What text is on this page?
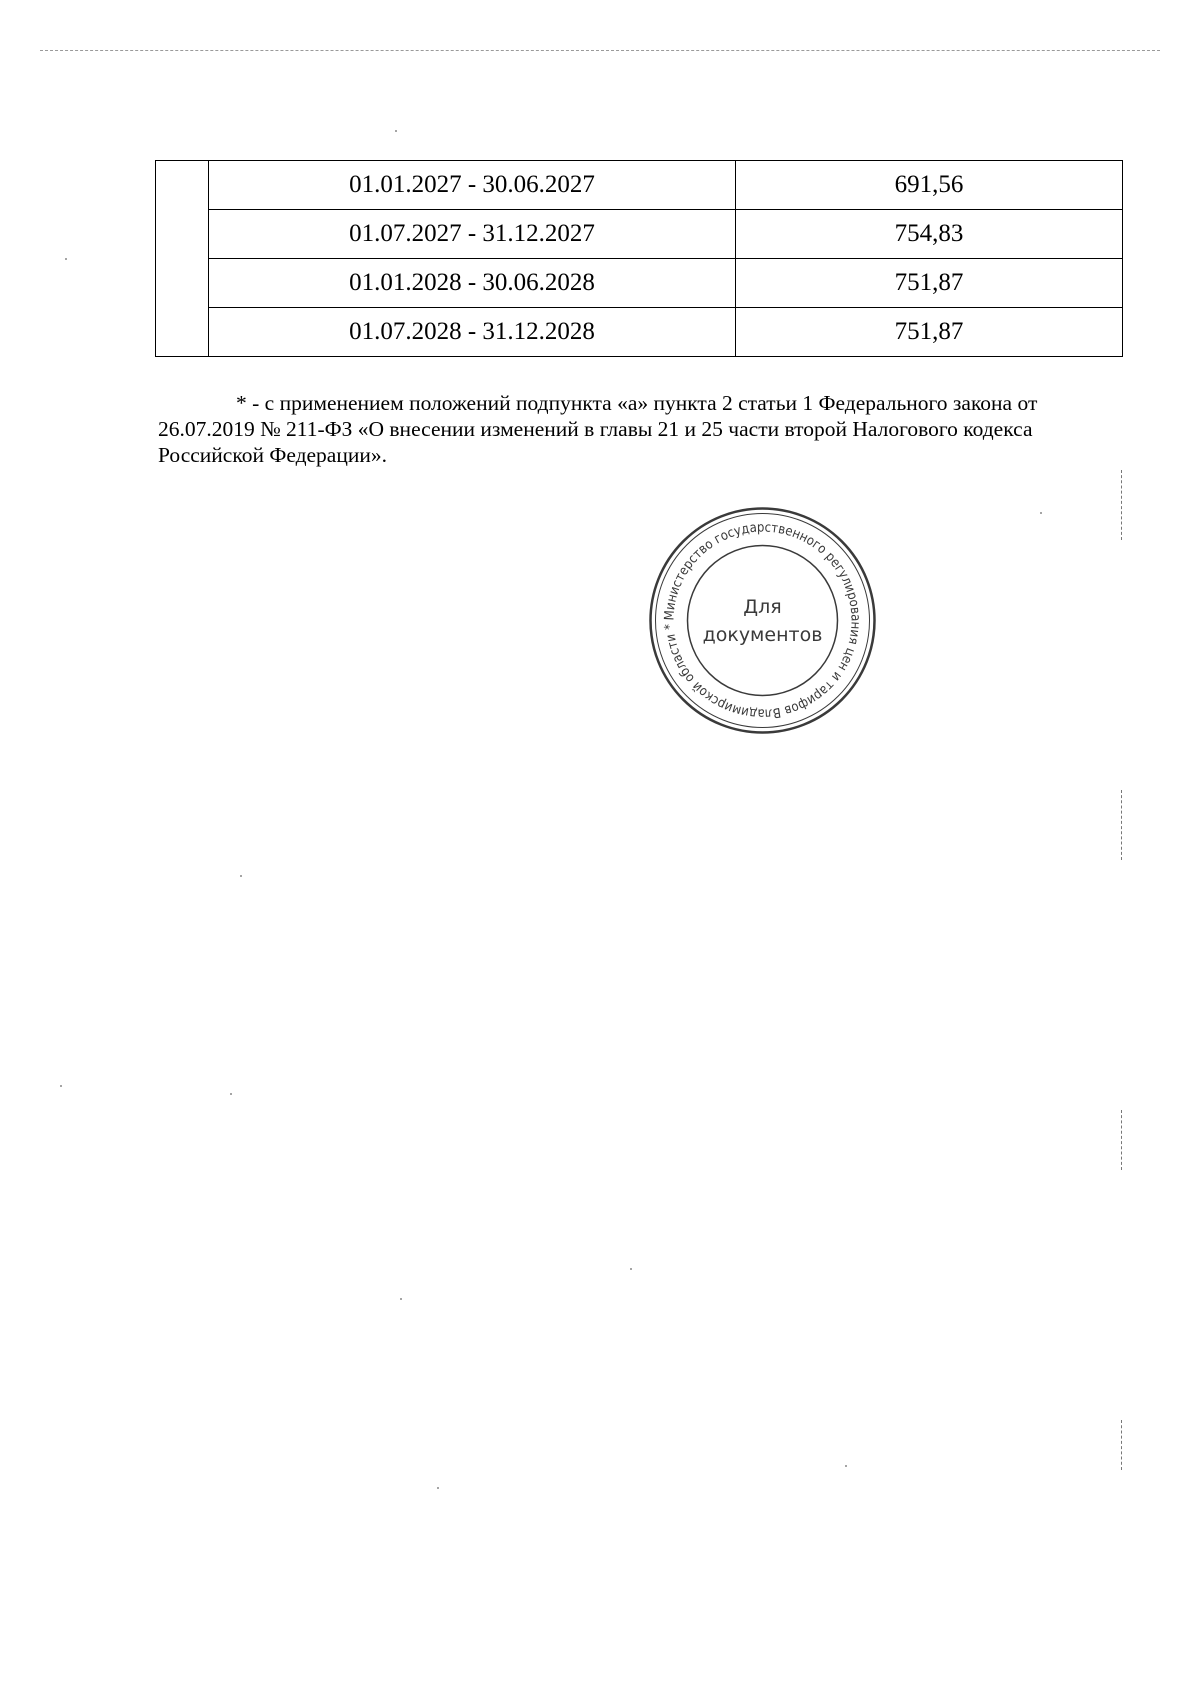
	01.01.2027 - 30.06.2027	691,56
	01.07.2027 - 31.12.2027	754,83
	01.01.2028 - 30.06.2028	751,87
	01.07.2028 - 31.12.2028	751,87
* - с применением положений подпункта «а» пункта 2 статьи 1 Федерального закона от
26.07.2019 № 211-ФЗ «О внесении изменений в главы 21 и 25 части второй Налогового кодекса
Российской Федерации».
Министерство государственного регулирования цен и тарифов Владимирской области *
Для
документов
